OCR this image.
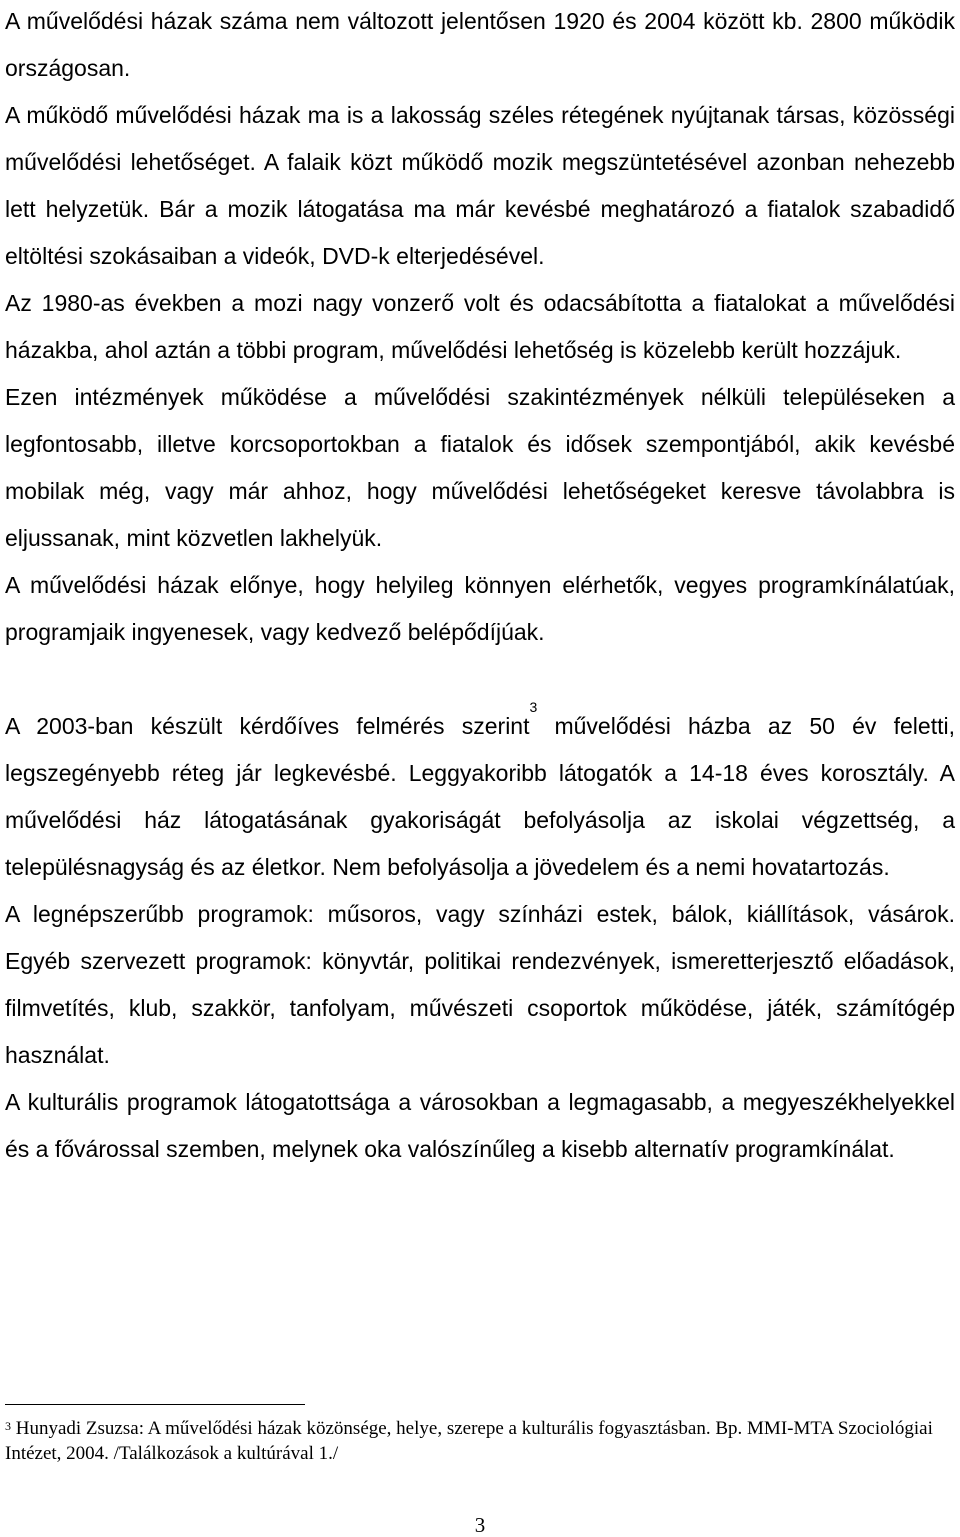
A művelődési házak száma nem változott jelentősen 1920 és 2004 között kb. 2800 működik országosan.

A működő művelődési házak ma is a lakosság széles rétegének nyújtanak társas, közösségi művelődési lehetőséget. A falaik közt működő mozik megszüntetésével azonban nehezebb lett helyzetük. Bár a mozik látogatása ma már kevésbé meghatározó a fiatalok szabadidő eltöltési szokásaiban a videók, DVD-k elterjedésével.

Az 1980-as években a mozi nagy vonzerő volt és odacsábította a fiatalokat a művelődési házakba, ahol aztán a többi program, művelődési lehetőség is közelebb került hozzájuk.

Ezen intézmények működése a művelődési szakintézmények nélküli településeken a legfontosabb, illetve korcsoportokban a fiatalok és idősek szempontjából, akik kevésbé mobilak még, vagy már ahhoz, hogy művelődési lehetőségeket keresve távolabbra is eljussanak, mint közvetlen lakhelyük.

A művelődési házak előnye, hogy helyileg könnyen elérhetők, vegyes programkínálatúak, programjaik ingyenesek, vagy kedvező belépődíjúak.

A 2003-ban készült kérdőíves felmérés szerint$^3$ művelődési házba az 50 év feletti, legszegényebb réteg jár legkevésbé. Leggyakoribb látogatók a 14-18 éves korosztály. A művelődési ház látogatásának gyakoriságát befolyásolja az iskolai végzettség, a településnagyság és az életkor. Nem befolyásolja a jövedelem és a nemi hovatartozás.

A legnépszerűbb programok: műsoros, vagy színházi estek, bálok, kiállítások, vásárok. Egyéb szervezett programok: könyvtár, politikai rendezvények, ismeretterjesztő előadások, filmvetítés, klub, szakkör, tanfolyam, művészeti csoportok működése, játék, számítógép használat.

A kulturális programok látogatottsága a városokban a legmagasabb, a megyeszékhelyekkel és a fővárossal szemben, melynek oka valószínűleg a kisebb alternatív programkínálat.

$^3$ Hunyadi Zsuzsa: A művelődési házak közönsége, helye, szerepe a kulturális fogyasztásban. Bp. MMI-MTA Szociológiai Intézet, 2004. /Találkozások a kultúrával 1./

3
